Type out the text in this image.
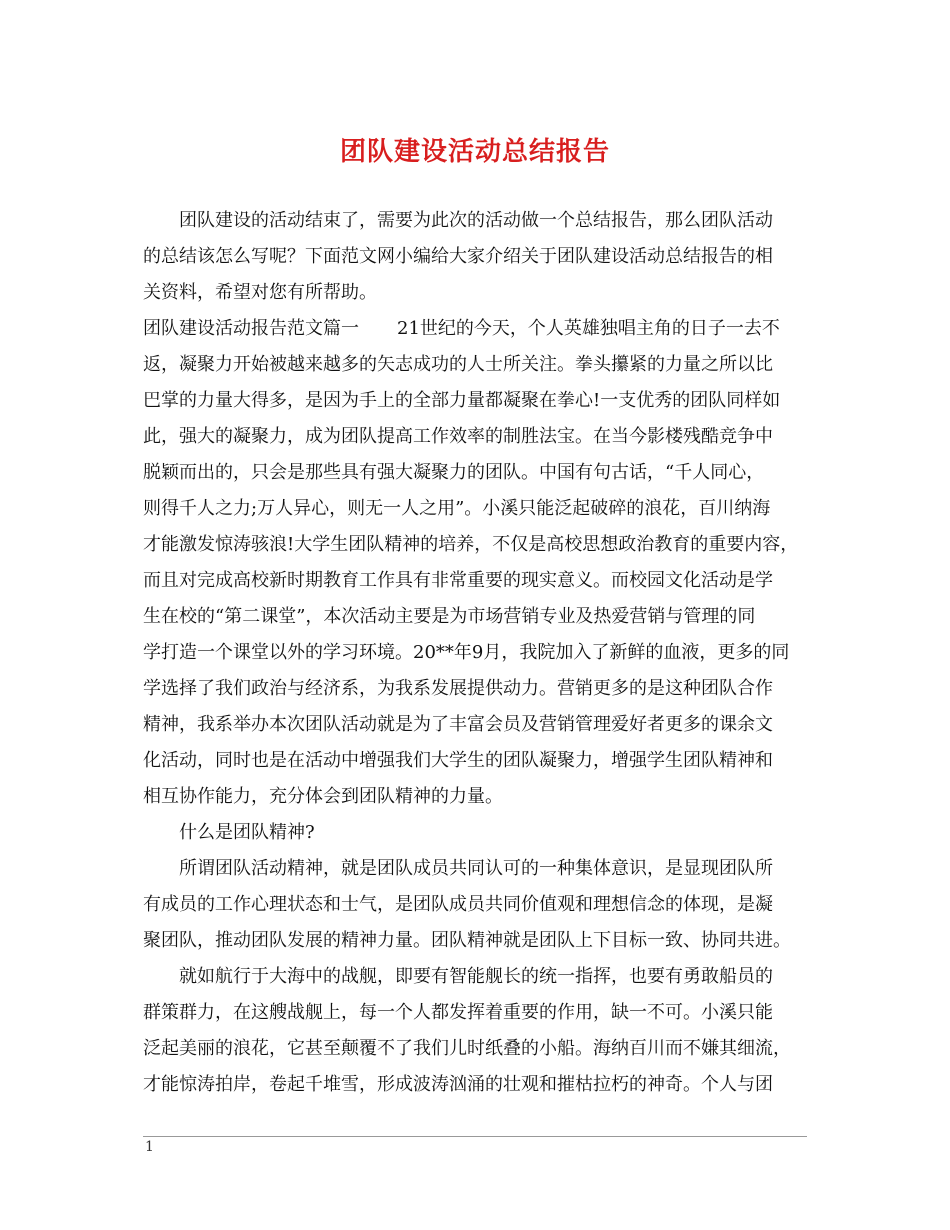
团队建设活动总结报告
　　团队建设的活动结束了，需要为此次的活动做一个总结报告，那么团队活动
的总结该怎么写呢？下面范文网小编给大家介绍关于团队建设活动总结报告的相
关资料，希望对您有所帮助。
团队建设活动报告范文篇一 21世纪的今天，个人英雄独唱主角的日子一去不
返，凝聚力开始被越来越多的矢志成功的人士所关注。拳头攥紧的力量之所以比
巴掌的力量大得多，是因为手上的全部力量都凝聚在拳心!一支优秀的团队同样如
此，强大的凝聚力，成为团队提高工作效率的制胜法宝。在当今影楼残酷竞争中
脱颖而出的，只会是那些具有强大凝聚力的团队。中国有句古话，“千人同心，
则得千人之力;万人异心，则无一人之用”。小溪只能泛起破碎的浪花，百川纳海
才能激发惊涛骇浪!大学生团队精神的培养，不仅是高校思想政治教育的重要内容，
而且对完成高校新时期教育工作具有非常重要的现实意义。而校园文化活动是学
生在校的“第二课堂”，本次活动主要是为市场营销专业及热爱营销与管理的同
学打造一个课堂以外的学习环境。20**年9月，我院加入了新鲜的血液，更多的同
学选择了我们政治与经济系，为我系发展提供动力。营销更多的是这种团队合作
精神，我系举办本次团队活动就是为了丰富会员及营销管理爱好者更多的课余文
化活动，同时也是在活动中增强我们大学生的团队凝聚力，增强学生团队精神和
相互协作能力，充分体会到团队精神的力量。
　　什么是团队精神?
　　所谓团队活动精神，就是团队成员共同认可的一种集体意识，是显现团队所
有成员的工作心理状态和士气，是团队成员共同价值观和理想信念的体现，是凝
聚团队，推动团队发展的精神力量。团队精神就是团队上下目标一致、协同共进。
　　就如航行于大海中的战舰，即要有智能舰长的统一指挥，也要有勇敢船员的
群策群力，在这艘战舰上，每一个人都发挥着重要的作用，缺一不可。小溪只能
泛起美丽的浪花，它甚至颠覆不了我们儿时纸叠的小船。海纳百川而不嫌其细流，
才能惊涛拍岸，卷起千堆雪，形成波涛汹涌的壮观和摧枯拉朽的神奇。个人与团
1
